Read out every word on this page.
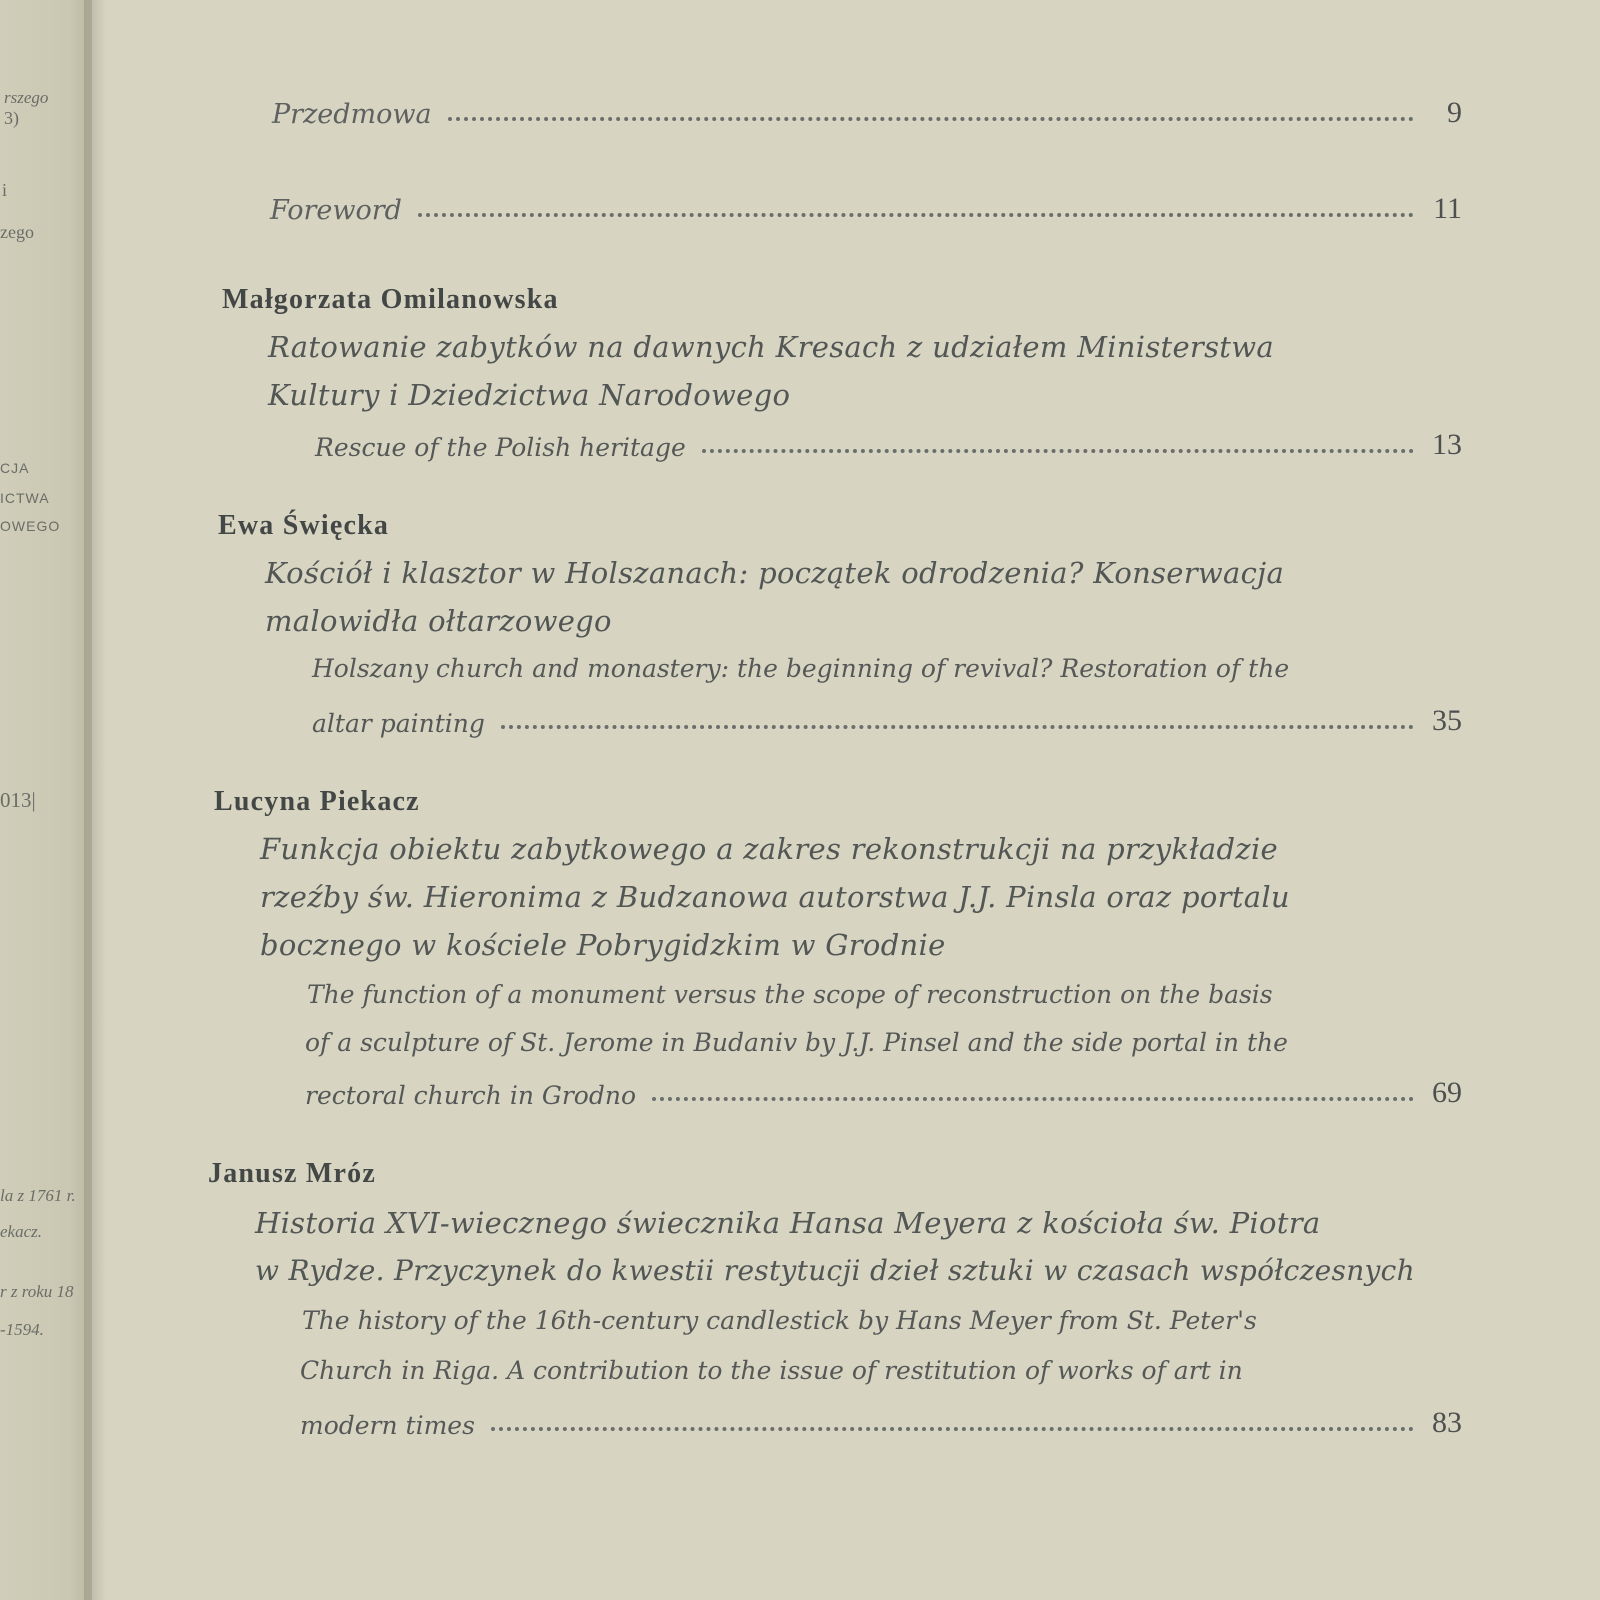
rszego
3)
i
zego
CJA
ICTWA
OWEGO
013|
la z 1761 r.
ekacz.
r z roku 18
-1594.
Przedmowa	9
Foreword	11
Małgorzata Omilanowska
Ratowanie zabytków na dawnych Kresach z udziałem Ministerstwa
Kultury i Dziedzictwa Narodowego
Rescue of the Polish heritage	13
Ewa Święcka
Kościół i klasztor w Holszanach: początek odrodzenia? Konserwacja
malowidła ołtarzowego
Holszany church and monastery: the beginning of revival? Restoration of the
altar painting	35
Lucyna Piekacz
Funkcja obiektu zabytkowego a zakres rekonstrukcji na przykładzie
rzeźby św. Hieronima z Budzanowa autorstwa J.J. Pinsla oraz portalu
bocznego w kościele Pobrygidzkim w Grodnie
The function of a monument versus the scope of reconstruction on the basis
of a sculpture of St. Jerome in Budaniv by J.J. Pinsel and the side portal in the
rectoral church in Grodno	69
Janusz Mróz
Historia XVI-wiecznego świecznika Hansa Meyera z kościoła św. Piotra
w Rydze. Przyczynek do kwestii restytucji dzieł sztuki w czasach współczesnych
The history of the 16th-century candlestick by Hans Meyer from St. Peter's
Church in Riga. A contribution to the issue of restitution of works of art in
modern times	83
